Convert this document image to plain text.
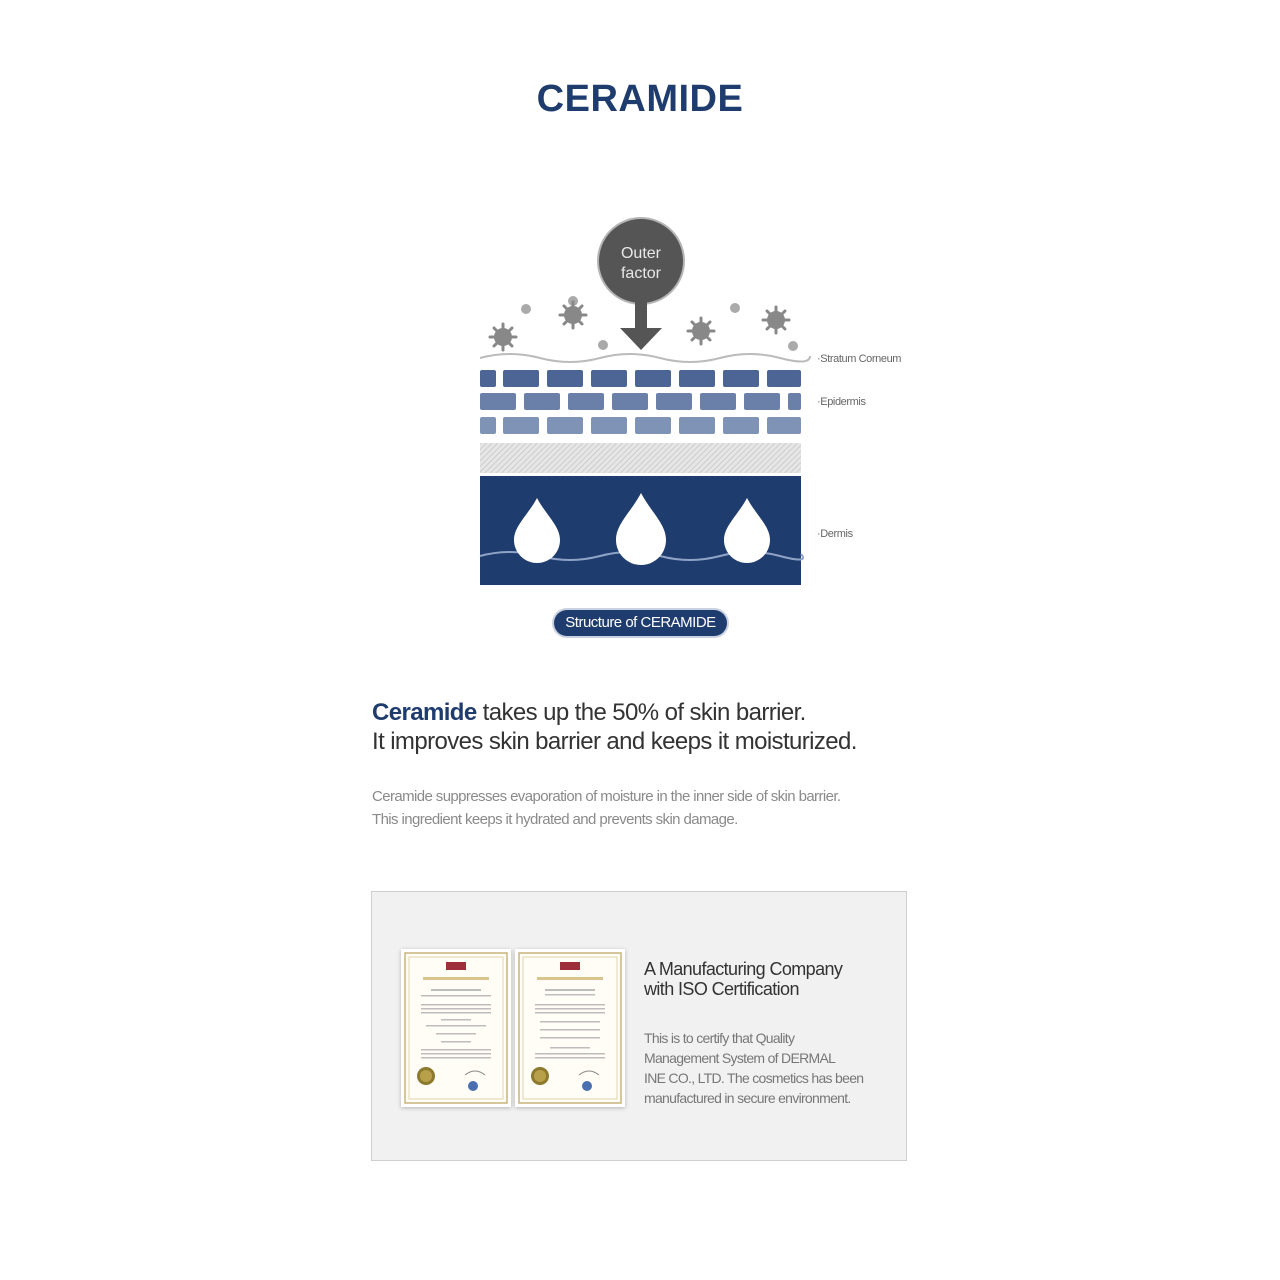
CERAMIDE
Outer
factor
·Stratum Corneum
·Epidermis
·Dermis
Structure of CERAMIDE
Ceramide takes up the 50% of skin barrier.
It improves skin barrier and keeps it moisturized.
Ceramide suppresses evaporation of moisture in the inner side of skin barrier.
This ingredient keeps it hydrated and prevents skin damage.
A Manufacturing Company
with ISO Certification
This is to certify that Quality
Management System of DERMAL
INE CO., LTD. The cosmetics has been
manufactured in secure environment.
